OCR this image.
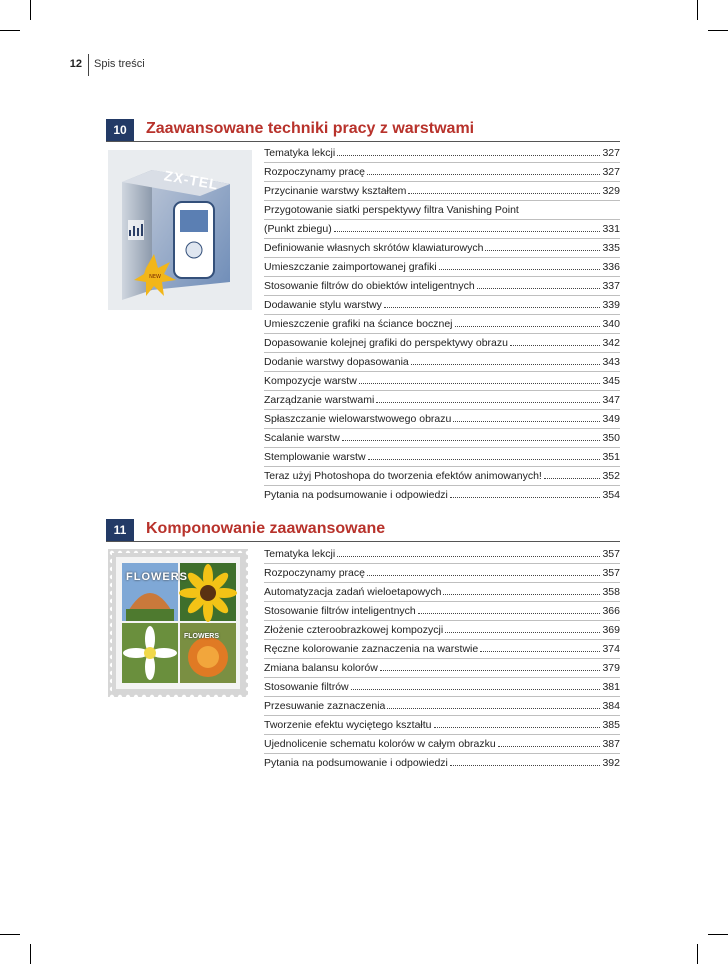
12 Spis treści
10	Zaawansowane techniki pracy z warstwami
NEW
ZX-TEL
Tematyka lekcji	327
Rozpoczynamy pracę	327
Przycinanie warstwy kształtem	329
Przygotowanie siatki perspektywy filtra Vanishing Point
(Punkt zbiegu)	331
Definiowanie własnych skrótów klawiaturowych	335
Umieszczanie zaimportowanej grafiki	336
Stosowanie filtrów do obiektów inteligentnych	337
Dodawanie stylu warstwy	339
Umieszczenie grafiki na ściance bocznej	340
Dopasowanie kolejnej grafiki do perspektywy obrazu	342
Dodanie warstwy dopasowania	343
Kompozycje warstw	345
Zarządzanie warstwami	347
Spłaszczanie wielowarstwowego obrazu	349
Scalanie warstw	350
Stemplowanie warstw	351
Teraz użyj Photoshopa do tworzenia efektów animowanych!	352
Pytania na podsumowanie i odpowiedzi	354
11	Komponowanie zaawansowane
FLOWERS
FLOWERS
Tematyka lekcji	357
Rozpoczynamy pracę	357
Automatyzacja zadań wieloetapowych	358
Stosowanie filtrów inteligentnych	366
Złożenie czteroobrazkowej kompozycji	369
Ręczne kolorowanie zaznaczenia na warstwie	374
Zmiana balansu kolorów	379
Stosowanie filtrów	381
Przesuwanie zaznaczenia	384
Tworzenie efektu wyciętego kształtu	385
Ujednolicenie schematu kolorów w całym obrazku	387
Pytania na podsumowanie i odpowiedzi	392
